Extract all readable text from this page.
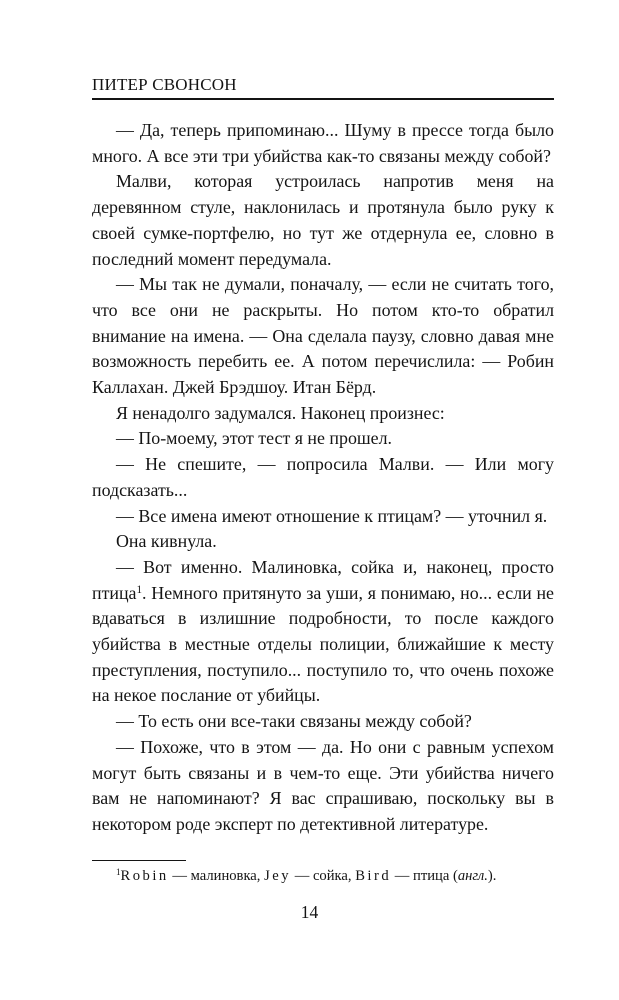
ПИТЕР СВОНСОН

— Да, теперь припоминаю... Шуму в прессе тогда было много. А все эти три убийства как-то связаны между собой?

Малви, которая устроилась напротив меня на деревянном стуле, наклонилась и протянула было руку к своей сумке-портфелю, но тут же отдернула ее, словно в последний момент передумала.

— Мы так не думали, поначалу, — если не считать того, что все они не раскрыты. Но потом кто-то обратил внимание на имена. — Она сделала паузу, словно давая мне возможность перебить ее. А потом перечислила: — Робин Каллахан. Джей Брэдшоу. Итан Бёрд.

Я ненадолго задумался. Наконец произнес:

— По-моему, этот тест я не прошел.

— Не спешите, — попросила Малви. — Или могу подсказать...

— Все имена имеют отношение к птицам? — уточнил я.

Она кивнула.

— Вот именно. Малиновка, сойка и, наконец, просто птица$^1$. Немного притянуто за уши, я понимаю, но... если не вдаваться в излишние подробности, то после каждого убийства в местные отделы полиции, ближайшие к месту преступления, поступило... поступило то, что очень похоже на некое послание от убийцы.

— То есть они все-таки связаны между собой?

— Похоже, что в этом — да. Но они с равным успехом могут быть связаны и в чем-то еще. Эти убийства ничего вам не напоминают? Я вас спрашиваю, поскольку вы в некотором роде эксперт по детективной литературе.

$^1$Robin — малиновка, Jey — сойка, Bird — птица (англ.).
14
